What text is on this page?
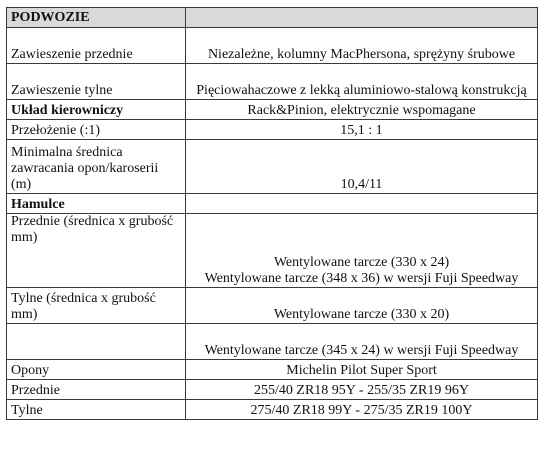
PODWOZIE	
Zawieszenie przednie	Niezależne, kolumny MacPhersona, sprężyny śrubowe
Zawieszenie tylne	Pięciowahaczowe z lekką aluminiowo-stalową konstrukcją
Układ kierowniczy	Rack&Pinion, elektrycznie wspomagane
Przełożenie (:1)	15,1 : 1
Minimalna średnica zawracania opon/karoserii (m)	10,4/11
Hamulce	
Przednie (średnica x grubość mm)	Wentylowane tarcze (330 x 24)
Wentylowane tarcze (348 x 36) w wersji Fuji Speedway

Tylne (średnica x grubość mm)	Wentylowane tarcze (330 x 20)
	Wentylowane tarcze (345 x 24) w wersji Fuji Speedway
Opony	Michelin Pilot Super Sport
Przednie	255/40 ZR18 95Y - 255/35 ZR19 96Y
Tylne	275/40 ZR18 99Y - 275/35 ZR19 100Y
